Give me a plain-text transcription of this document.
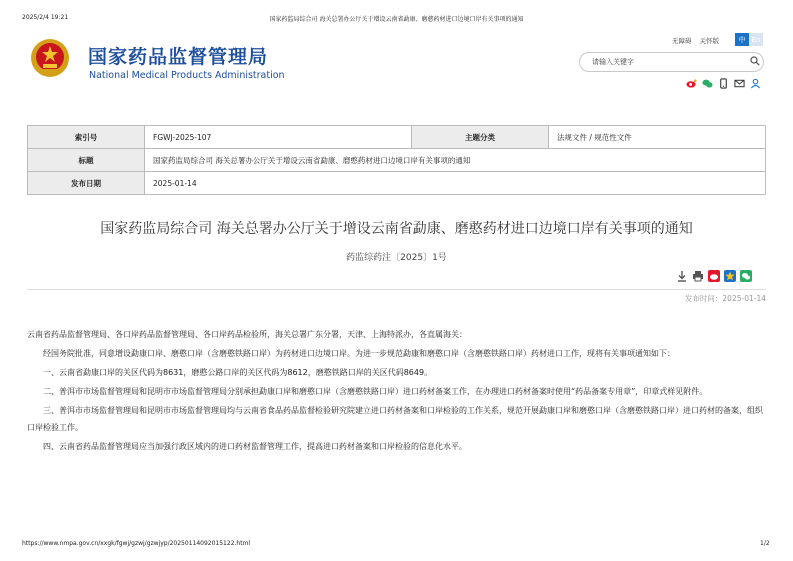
2025/2/4 19:21	国家药监局综合司 海关总署办公厅关于增设云南省勐康、磨憨药材进口边境口岸有关事项的通知
国家药品监督管理局
National Medical Products Administration
无障碍 关怀版	中 En
请输入关键字
索引号	FGWJ-2025-107	主题分类	法规文件 / 规范性文件
标题	国家药监局综合司 海关总署办公厅关于增设云南省勐康、磨憨药材进口边境口岸有关事项的通知		
发布日期	2025-01-14		
国家药监局综合司 海关总署办公厅关于增设云南省勐康、磨憨药材进口边境口岸有关事项的通知
药监综药注〔2025〕1号
发布时间：2025-01-14

云南省药品监督管理局、各口岸药品监督管理局、各口岸药品检验所，海关总署广东分署，天津、上海特派办，各直属海关：

经国务院批准，同意增设勐康口岸、磨憨口岸（含磨憨铁路口岸）为药材进口边境口岸。为进一步规范勐康和磨憨口岸（含磨憨铁路口岸）药材进口工作，现将有关事项通知如下：

一、云南省勐康口岸的关区代码为8631，磨憨公路口岸的关区代码为8612，磨憨铁路口岸的关区代码8649。

二、普洱市市场监督管理局和昆明市市场监督管理局分别承担勐康口岸和磨憨口岸（含磨憨铁路口岸）进口药材备案工作，在办理进口药材备案时使用“药品备案专用章”，印章式样见附件。

三、普洱市市场监督管理局和昆明市市场监督管理局均与云南省食品药品监督检验研究院建立进口药材备案和口岸检验的工作关系，规范开展勐康口岸和磨憨口岸（含磨憨铁路口岸）进口药材的备案，组织口岸检验工作。

四、云南省药品监督管理局应当加强行政区域内的进口药材监督管理工作，提高进口药材备案和口岸检验的信息化水平。

https://www.nmpa.gov.cn/xxgk/fgwj/gzwj/gzwjyp/20250114092015122.html	1/2
